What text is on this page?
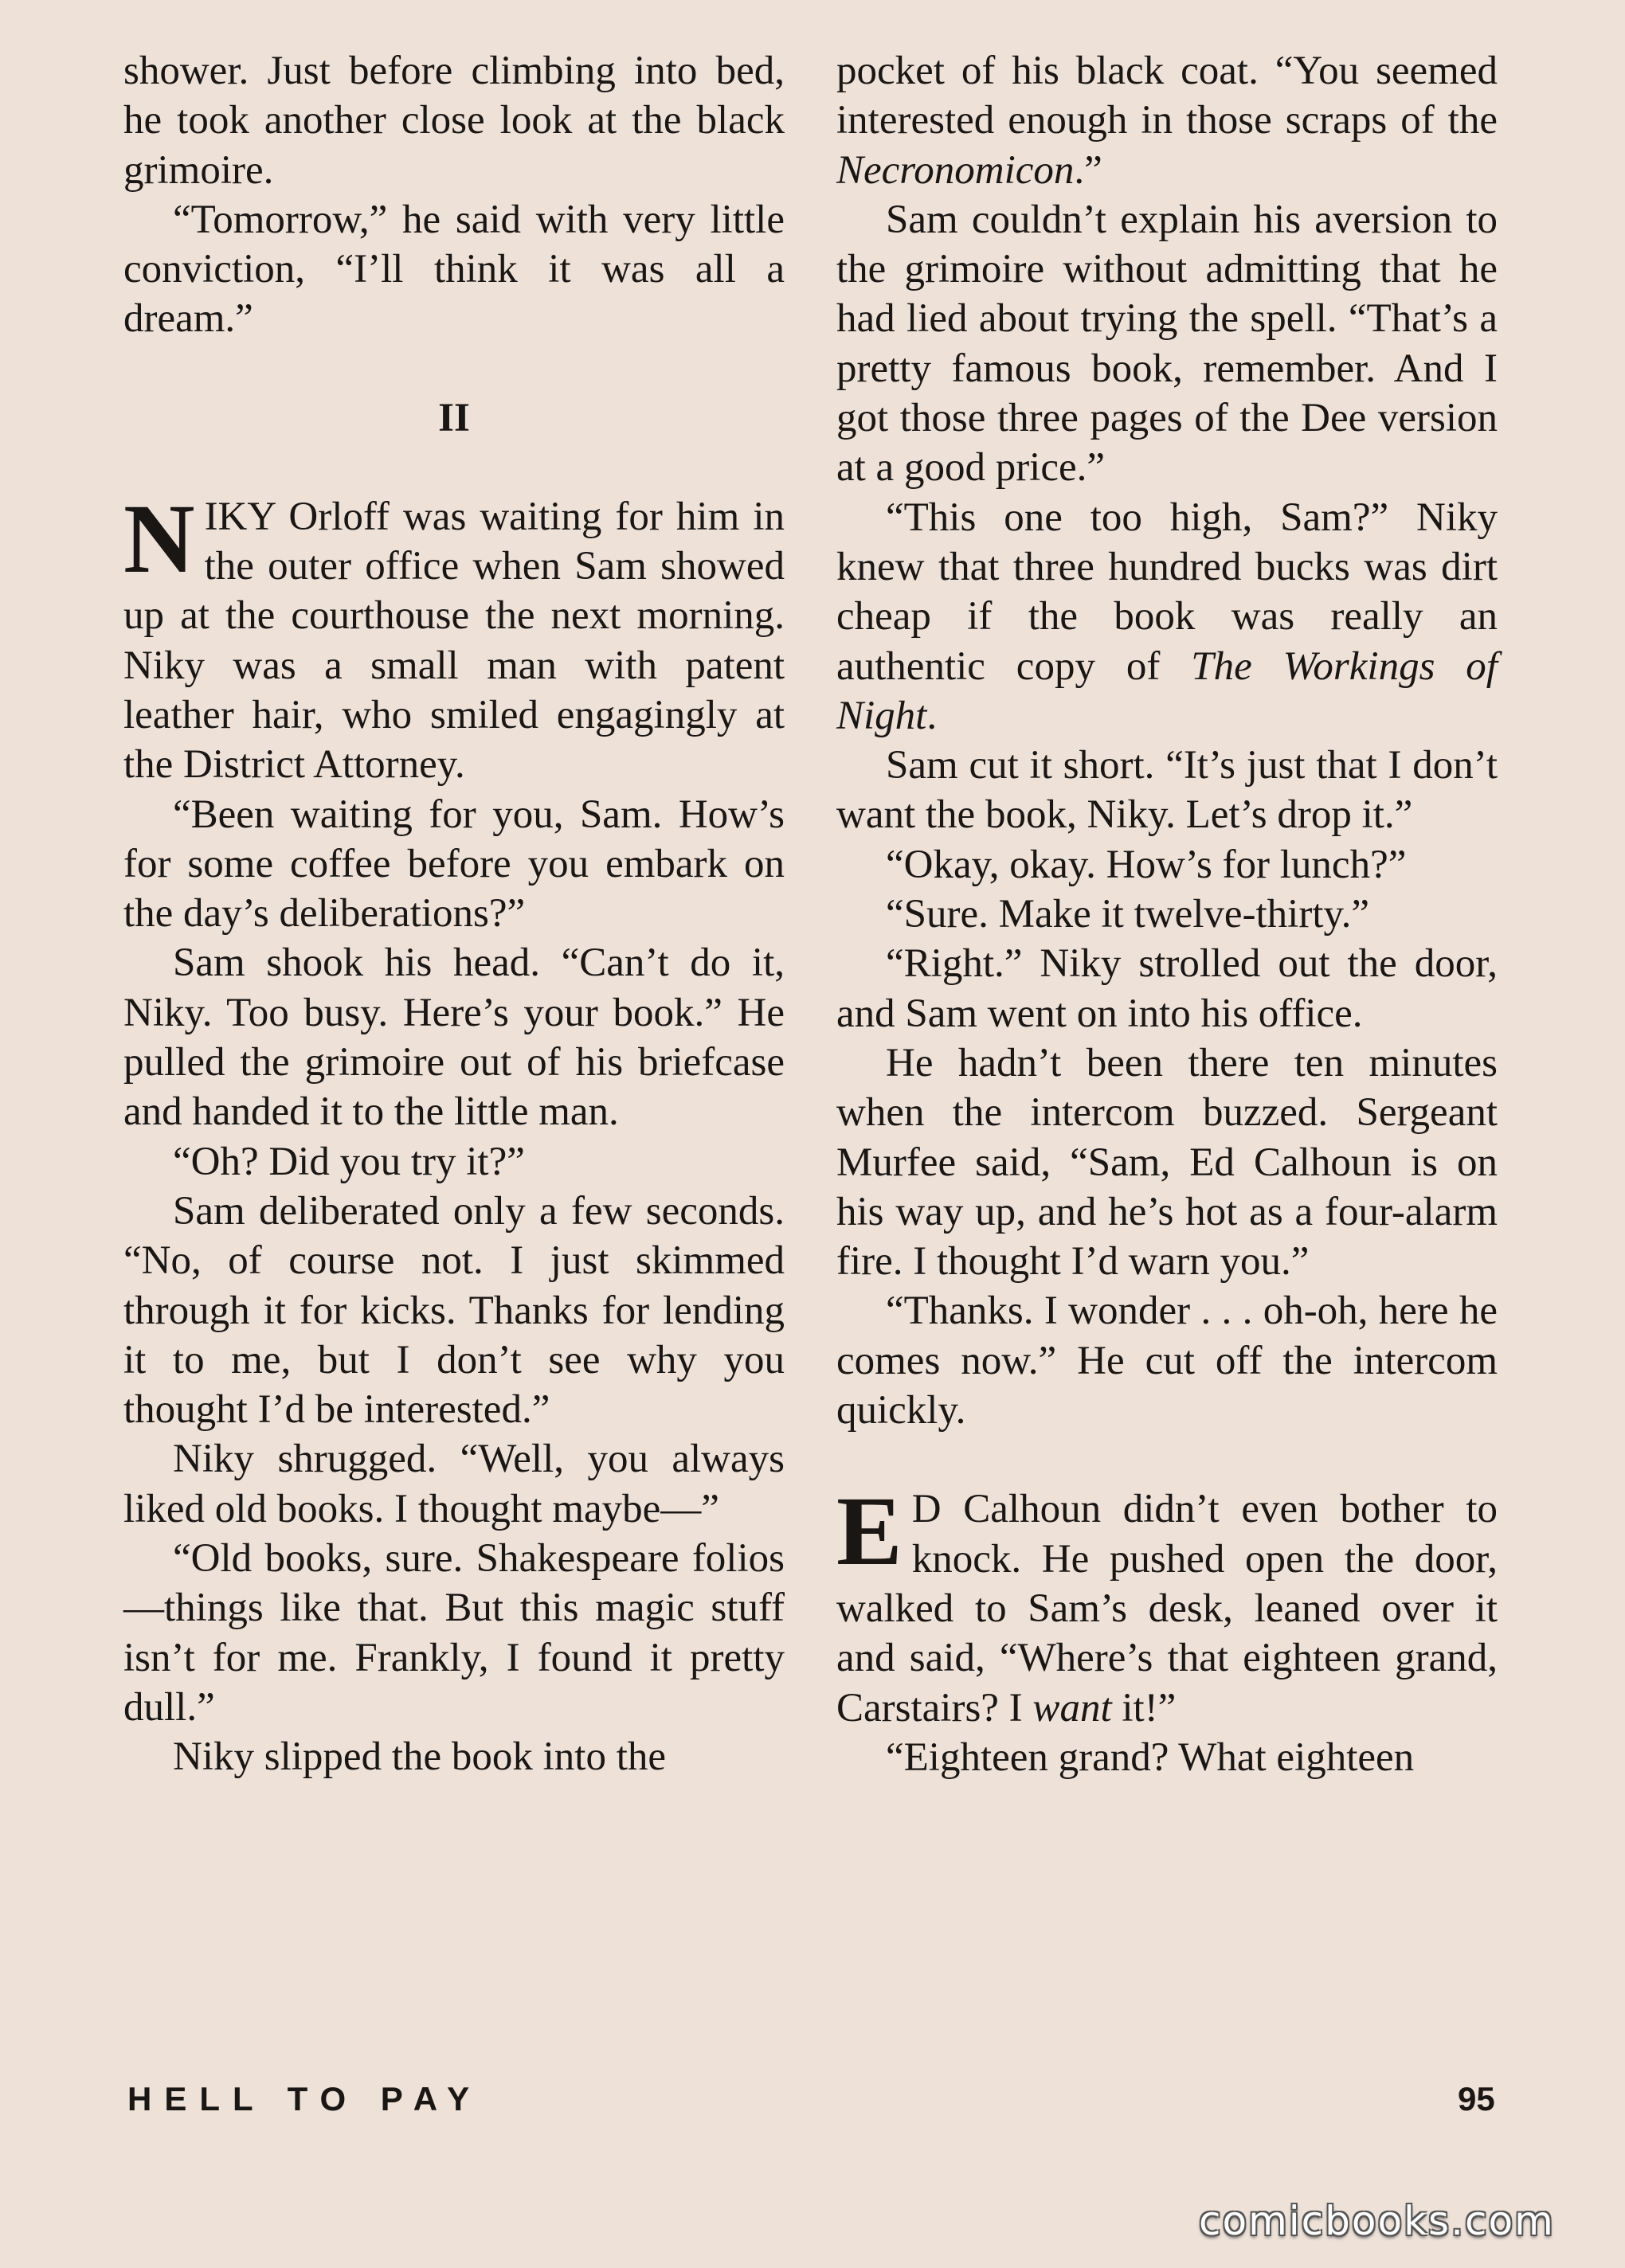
shower. Just before climbing into bed, he took another close look at the black grimoire.

“Tomorrow,” he said with very little conviction, “I’ll think it was all a dream.”

II

NIKY Orloff was waiting for him in the outer office when Sam showed up at the courthouse the next morning. Niky was a small man with patent leather hair, who smiled engagingly at the District Attorney.

“Been waiting for you, Sam. How’s for some coffee before you embark on the day’s deliberations?”

Sam shook his head. “Can’t do it, Niky. Too busy. Here’s your book.” He pulled the grimoire out of his briefcase and handed it to the little man.

“Oh? Did you try it?”

Sam deliberated only a few seconds. “No, of course not. I just skimmed through it for kicks. Thanks for lending it to me, but I don’t see why you thought I’d be interested.”

Niky shrugged. “Well, you always liked old books. I thought maybe—”

“Old books, sure. Shakespeare folios—things like that. But this magic stuff isn’t for me. Frankly, I found it pretty dull.”

Niky slipped the book into the

pocket of his black coat. “You seemed interested enough in those scraps of the Necronomicon.”

Sam couldn’t explain his aversion to the grimoire without admitting that he had lied about trying the spell. “That’s a pretty famous book, remember. And I got those three pages of the Dee version at a good price.”

“This one too high, Sam?” Niky knew that three hundred bucks was dirt cheap if the book was really an authentic copy of The Workings of Night.

Sam cut it short. “It’s just that I don’t want the book, Niky. Let’s drop it.”

“Okay, okay. How’s for lunch?”

“Sure. Make it twelve-thirty.”

“Right.” Niky strolled out the door, and Sam went on into his office.

He hadn’t been there ten minutes when the intercom buzzed. Sergeant Murfee said, “Sam, Ed Calhoun is on his way up, and he’s hot as a four-alarm fire. I thought I’d warn you.”

“Thanks. I wonder . . . oh-oh, here he comes now.” He cut off the intercom quickly.

E D Calhoun didn’t even bother to knock. He pushed open the door, walked to Sam’s desk, leaned over it and said, “Where’s that eighteen grand, Carstairs? I want it!”

“Eighteen grand? What eighteen

HELL TO PAY	95
comicbooks.com
